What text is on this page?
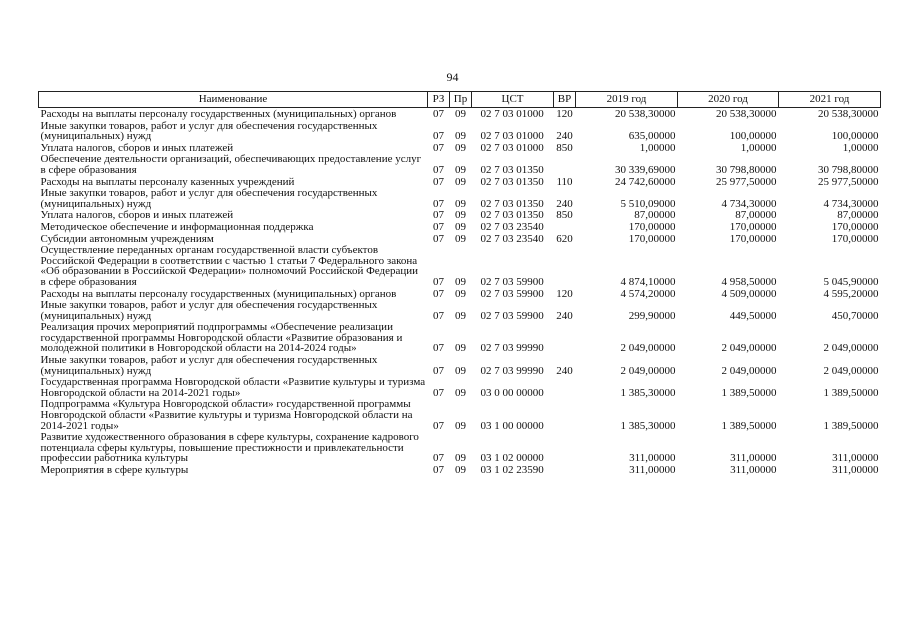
94
Наименование	РЗ	Пр	ЦСТ	ВР	2019 год	2020 год	2021 год
Расходы на выплаты персоналу государственных (муниципальных) органов	07	09	02 7 03 01000	120	20 538,30000	20 538,30000	20 538,30000
Иные закупки товаров, работ и услуг для обеспечения государственных (муниципальных) нужд	07	09	02 7 03 01000	240	635,00000	100,00000	100,00000
Уплата налогов, сборов и иных платежей	07	09	02 7 03 01000	850	1,00000	1,00000	1,00000
Обеспечение деятельности организаций, обеспечивающих предоставление услуг в сфере образования	07	09	02 7 03 01350		30 339,69000	30 798,80000	30 798,80000
Расходы на выплаты персоналу казенных учреждений	07	09	02 7 03 01350	110	24 742,60000	25 977,50000	25 977,50000
Иные закупки товаров, работ и услуг для обеспечения государственных (муниципальных) нужд	07	09	02 7 03 01350	240	5 510,09000	4 734,30000	4 734,30000
Уплата налогов, сборов и иных платежей	07	09	02 7 03 01350	850	87,00000	87,00000	87,00000
Методическое обеспечение и информационная поддержка	07	09	02 7 03 23540		170,00000	170,00000	170,00000
Субсидии автономным учреждениям	07	09	02 7 03 23540	620	170,00000	170,00000	170,00000
Осуществление переданных органам государственной власти субъектов Российской Федерации в соответствии с частью 1 статьи 7 Федерального закона «Об образовании в Российской Федерации» полномочий Российской Федерации в сфере образования	07	09	02 7 03 59900		4 874,10000	4 958,50000	5 045,90000
Расходы на выплаты персоналу государственных (муниципальных) органов	07	09	02 7 03 59900	120	4 574,20000	4 509,00000	4 595,20000
Иные закупки товаров, работ и услуг для обеспечения государственных (муниципальных) нужд	07	09	02 7 03 59900	240	299,90000	449,50000	450,70000
Реализация прочих мероприятий подпрограммы «Обеспечение реализации государственной программы Новгородской области «Развитие образования и молодежной политики в Новгородской области на 2014-2024 годы»	07	09	02 7 03 99990		2 049,00000	2 049,00000	2 049,00000
Иные закупки товаров, работ и услуг для обеспечения государственных (муниципальных) нужд	07	09	02 7 03 99990	240	2 049,00000	2 049,00000	2 049,00000
Государственная программа Новгородской области «Развитие культуры и туризма Новгородской области на 2014-2021 годы»	07	09	03 0 00 00000		1 385,30000	1 389,50000	1 389,50000
Подпрограмма «Культура Новгородской области» государственной программы Новгородской области «Развитие культуры и туризма Новгородской области на 2014-2021 годы»	07	09	03 1 00 00000		1 385,30000	1 389,50000	1 389,50000
Развитие художественного образования в сфере культуры, сохранение кадрового потенциала сферы культуры, повышение престижности и привлекательности профессии работника культуры	07	09	03 1 02 00000		311,00000	311,00000	311,00000
Мероприятия в сфере культуры	07	09	03 1 02 23590		311,00000	311,00000	311,00000
